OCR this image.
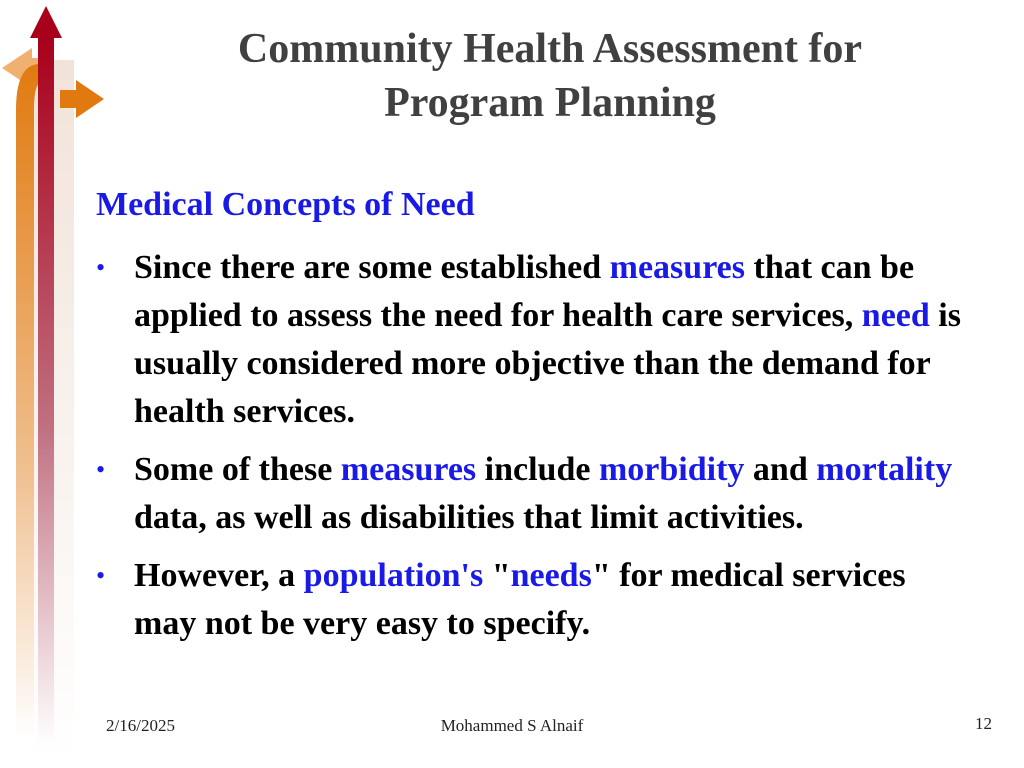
Community Health Assessment for
Program Planning
Medical Concepts of Need
• Since there are some established measures that can be applied to assess the need for health care services, need is usually considered more objective than the demand for health services.
• Some of these measures include morbidity and mortality data, as well as disabilities that limit activities.
• However, a population's "needs" for medical services may not be very easy to specify.
2/16/2025	Mohammed S Alnaif	12
